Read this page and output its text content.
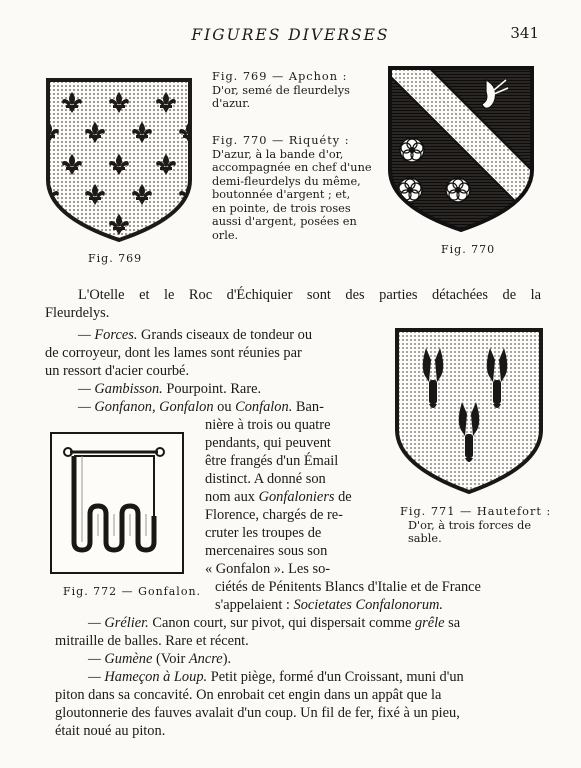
FIGURES DIVERSES	341
Fig. 769
Fig. 769 — Apchon :
D'or, semé de fleurdelys
d'azur.
Fig. 770 — Riquéty :
D'azur, à la bande d'or,
accompagnée en chef d'une
demi-fleurdelys du même,
boutonnée d'argent ; et,
en pointe, de trois roses
aussi d'argent, posées en
orle.
Fig. 770
L'Otelle et le Roc d'Échiquier sont des parties détachées de la
Fleurdelys.
— Forces. Grands ciseaux de tondeur ou
de corroyeur, dont les lames sont réunies par
un ressort d'acier courbé.
— Gambisson. Pourpoint. Rare.
— Gonfanon, Gonfalon ou Confalon. Ban-
nière à trois ou quatre
pendants, qui peuvent
être frangés d'un Émail
distinct. A donné son
nom aux Gonfaloniers de
Florence, chargés de re-
cruter les troupes de
mercenaires sous son
« Gonfalon ». Les so-
ciétés de Pénitents Blancs d'Italie et de France
s'appelaient : Societates Confalonorum.
Fig. 771 — Hautefort :
D'or, à trois forces de
sable.
Fig. 772 — Gonfalon.
— Grélier. Canon court, sur pivot, qui dispersait comme grêle sa
mitraille de balles. Rare et récent.
— Gumène (Voir Ancre).
— Hameçon à Loup. Petit piège, formé d'un Croissant, muni d'un
piton dans sa concavité. On enrobait cet engin dans un appât que la
gloutonnerie des fauves avalait d'un coup. Un fil de fer, fixé à un pieu,
était noué au piton.
